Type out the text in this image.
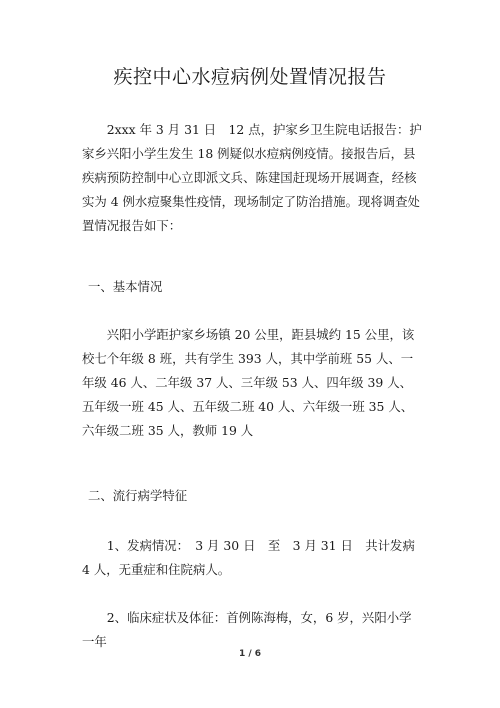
疾控中心水痘病例处置情况报告

2xxx 年 3 月 31 日　12 点，护家乡卫生院电话报告：护家乡兴阳小学生发生 18 例疑似水痘病例疫情。接报告后，县疾病预防控制中心立即派文兵、陈建国赶现场开展调查，经核实为 4 例水痘聚集性疫情，现场制定了防治措施。现将调查处置情况报告如下：

一、基本情况

兴阳小学距护家乡场镇 20 公里，距县城约 15 公里，该校七个年级 8 班，共有学生 393 人，其中学前班 55 人、一年级 46 人、二年级 37 人、三年级 53 人、四年级 39 人、五年级一班 45 人、五年级二班 40 人、六年级一班 35 人、六年级二班 35 人，教师 19 人

二、流行病学特征

1、发病情况：　3 月 30 日　至　3 月 31 日　共计发病 4 人，无重症和住院病人。

2、临床症状及体征：首例陈海梅，女，6 岁，兴阳小学一年

1 / 6
